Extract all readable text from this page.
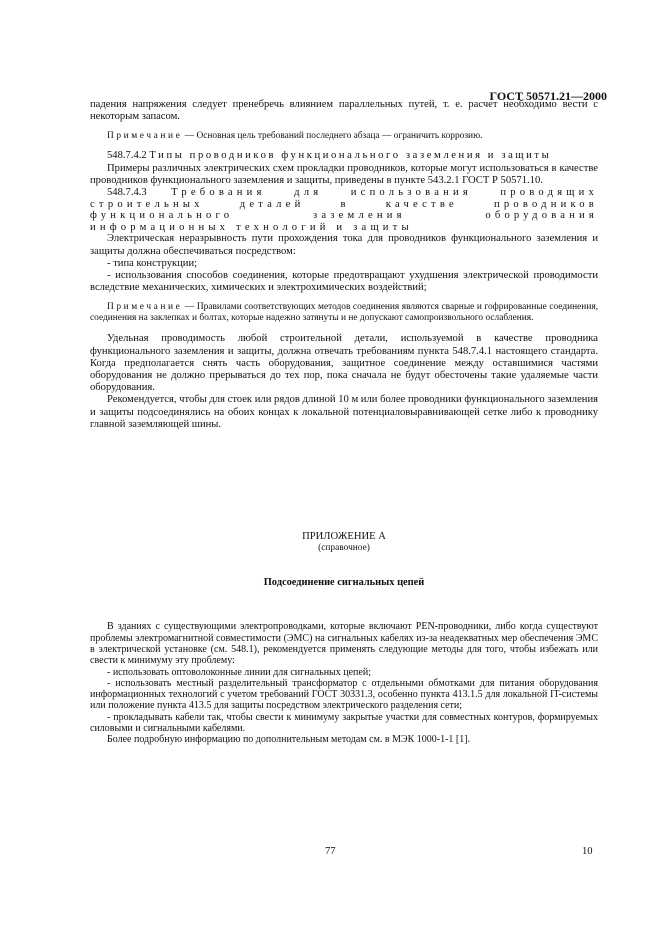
ГОСТ 50571.21—2000

падения напряжения следует пренебречь влиянием параллельных путей, т. е. расчет необходимо вести с некоторым запасом.

Примечание — Основная цель требований последнего абзаца — ограничить коррозию.

548.7.4.2 Типы проводников функционального заземления и защиты

Примеры различных электрических схем прокладки проводников, которые могут использоваться в качестве проводников функционального заземления и защиты, приведены в пункте 543.2.1 ГОСТ Р 50571.10.

548.7.4.3 Требования для использования проводящих строительных деталей в качестве проводников функционального заземления оборудования информационных технологий и защиты

Электрическая неразрывность пути прохождения тока для проводников функционального заземления и защиты должна обеспечиваться посредством:

- типа конструкции;

- использования способов соединения, которые предотвращают ухудшения электрической проводимости вследствие механических, химических и электрохимических воздействий;

Примечание — Правилами соответствующих методов соединения являются сварные и гофрированные соединения, соединения на заклепках и болтах, которые надежно затянуты и не допускают самопроизвольного ослабления.

Удельная проводимость любой строительной детали, используемой в качестве проводника функционального заземления и защиты, должна отвечать требованиям пункта 548.7.4.1 настоящего стандарта. Когда предполагается снять часть оборудования, защитное соединение между оставшимися частями оборудования не должно прерываться до тех пор, пока сначала не будут обесточены такие удаляемые части оборудования.

Рекомендуется, чтобы для стоек или рядов длиной 10 м или более проводники функционального заземления и защиты подсоединялись на обоих концах к локальной потенциаловыравнивающей сетке либо к проводнику главной заземляющей шины.

ПРИЛОЖЕНИЕ А

(справочное)

Подсоединение сигнальных цепей

В зданиях с существующими электропроводками, которые включают PEN-проводники, либо когда существуют проблемы электромагнитной совместимости (ЭМС) на сигнальных кабелях из-за неадекватных мер обеспечения ЭМС в электрической установке (см. 548.1), рекомендуется применять следующие методы для того, чтобы избежать или свести к минимуму эту проблему:

- использовать оптоволоконные линии для сигнальных цепей;

- использовать местный разделительный трансформатор с отдельными обмотками для питания оборудования информационных технологий с учетом требований ГОСТ 30331.3, особенно пункта 413.1.5 для локальной IT-системы или положение пункта 413.5 для защиты посредством электрического разделения сети;

- прокладывать кабели так, чтобы свести к минимуму закрытые участки для совместных контуров, формируемых силовыми и сигнальными кабелями.

Более подробную информацию по дополнительным методам см. в МЭК 1000-1-1 [1].

77	10
